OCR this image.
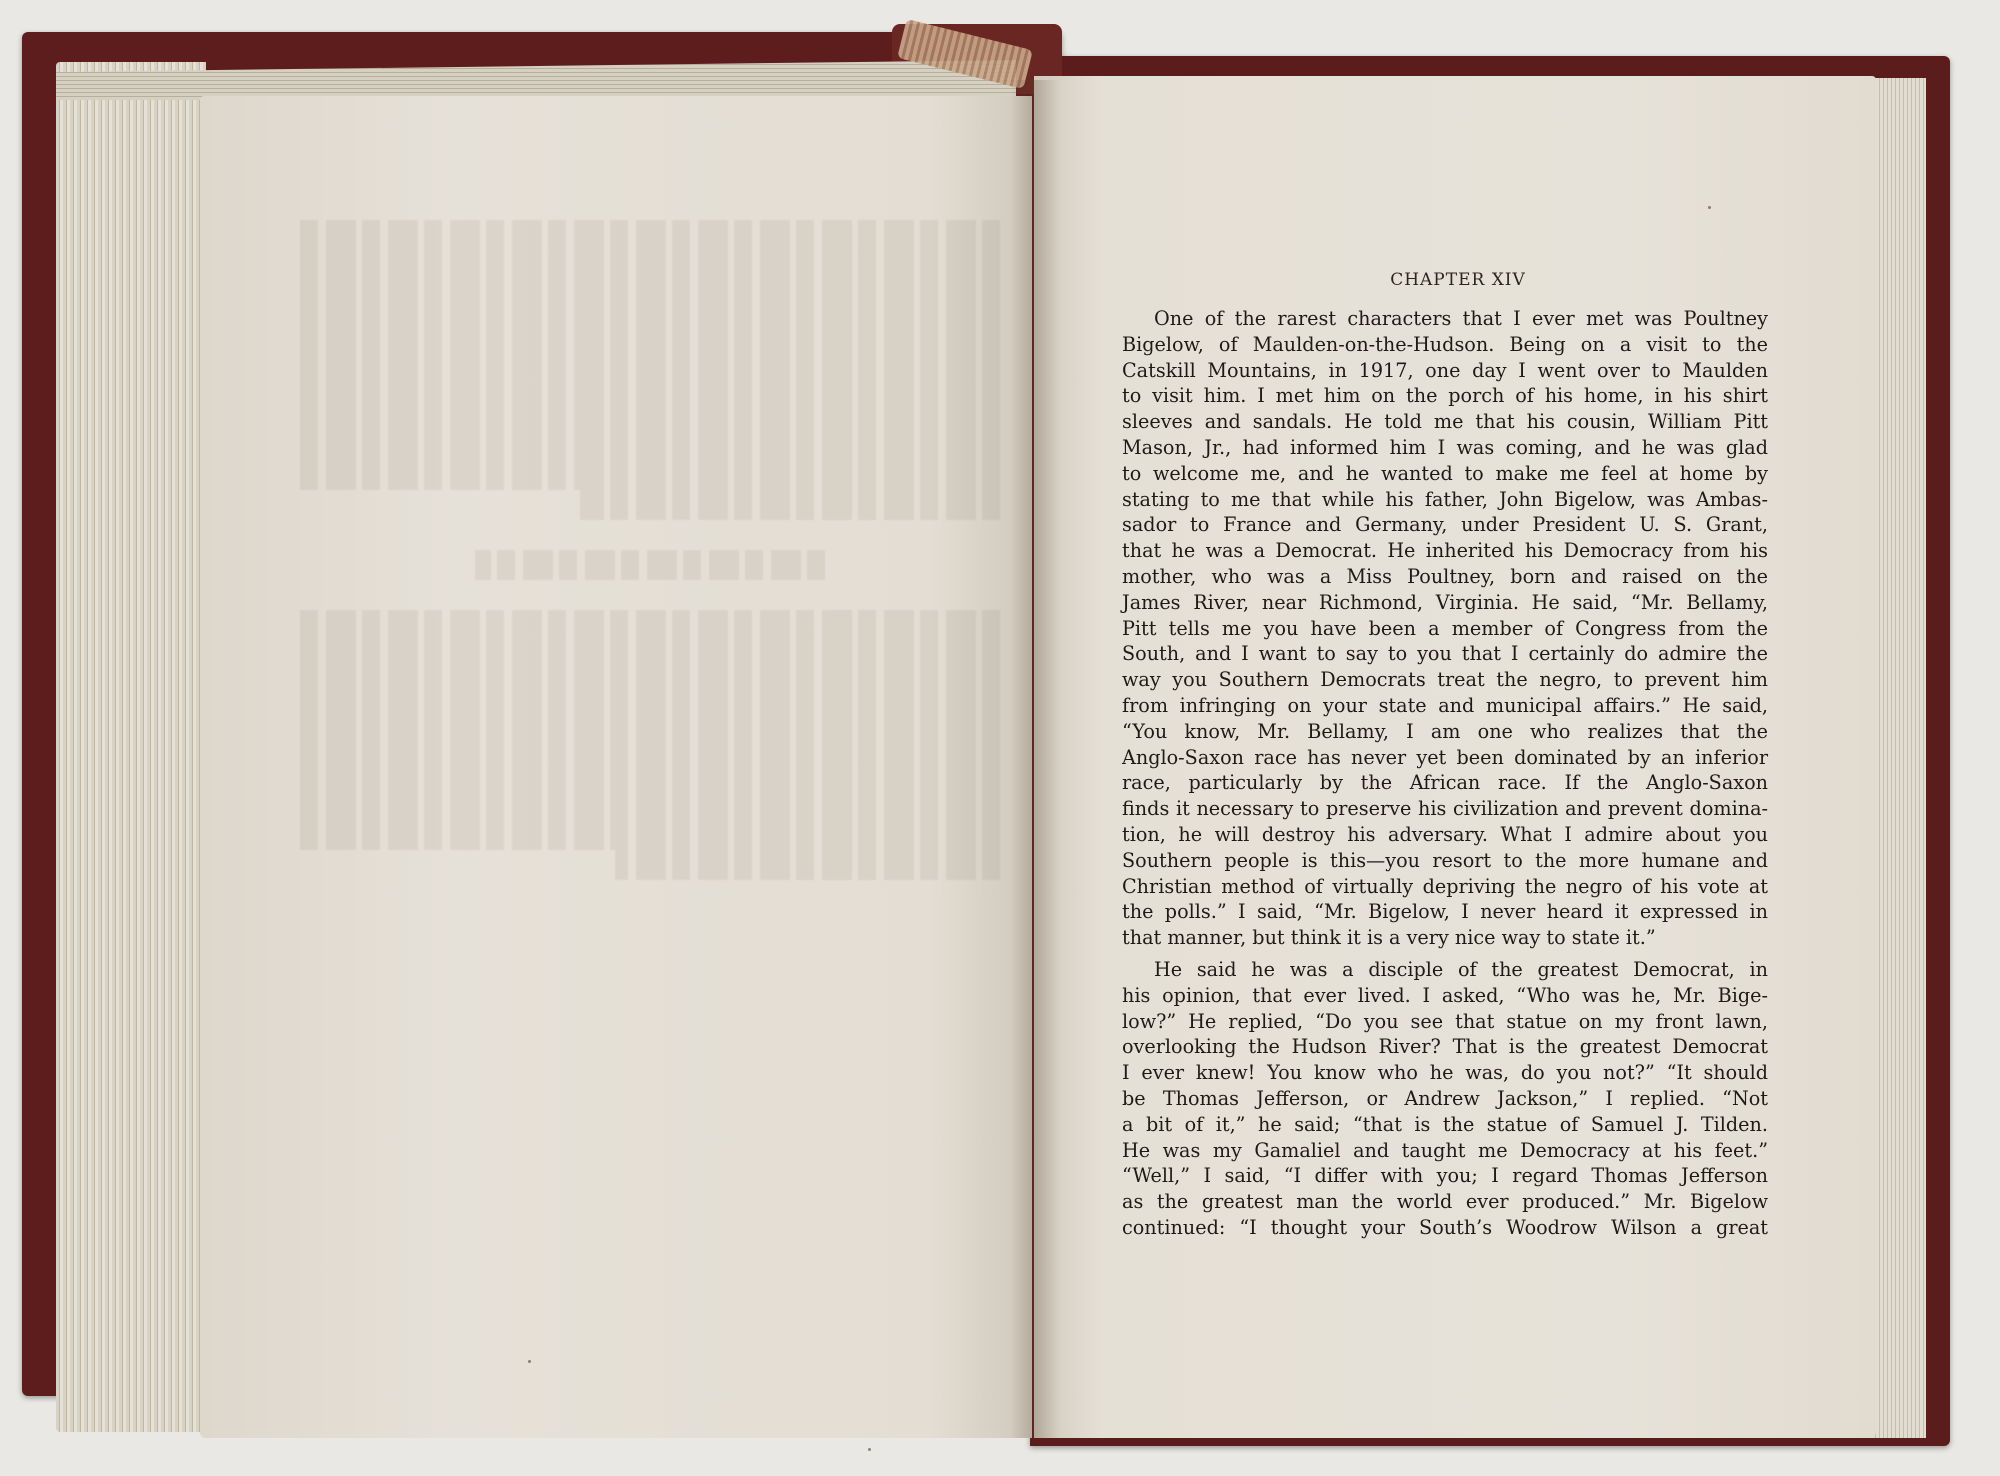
CHAPTER XIV

One of the rarest characters that I ever met was Poultney
Bigelow, of Maulden-on-the-Hudson. Being on a visit to the
Catskill Mountains, in 1917, one day I went over to Maulden
to visit him. I met him on the porch of his home, in his shirt
sleeves and sandals. He told me that his cousin, William Pitt
Mason, Jr., had informed him I was coming, and he was glad
to welcome me, and he wanted to make me feel at home by
stating to me that while his father, John Bigelow, was Ambas-
sador to France and Germany, under President U. S. Grant,
that he was a Democrat. He inherited his Democracy from his
mother, who was a Miss Poultney, born and raised on the
James River, near Richmond, Virginia. He said, “Mr. Bellamy,
Pitt tells me you have been a member of Congress from the
South, and I want to say to you that I certainly do admire the
way you Southern Democrats treat the negro, to prevent him
from infringing on your state and municipal affairs.” He said,
“You know, Mr. Bellamy, I am one who realizes that the
Anglo-Saxon race has never yet been dominated by an inferior
race, particularly by the African race. If the Anglo-Saxon
finds it necessary to preserve his civilization and prevent domina-
tion, he will destroy his adversary. What I admire about you
Southern people is this—you resort to the more humane and
Christian method of virtually depriving the negro of his vote at
the polls.” I said, “Mr. Bigelow, I never heard it expressed in
that manner, but think it is a very nice way to state it.”

He said he was a disciple of the greatest Democrat, in
his opinion, that ever lived. I asked, “Who was he, Mr. Bige-
low?” He replied, “Do you see that statue on my front lawn,
overlooking the Hudson River? That is the greatest Democrat
I ever knew! You know who he was, do you not?” “It should
be Thomas Jefferson, or Andrew Jackson,” I replied. “Not
a bit of it,” he said; “that is the statue of Samuel J. Tilden.
He was my Gamaliel and taught me Democracy at his feet.”
“Well,” I said, “I differ with you; I regard Thomas Jefferson
as the greatest man the world ever produced.” Mr. Bigelow
continued: “I thought your South’s Woodrow Wilson a great
